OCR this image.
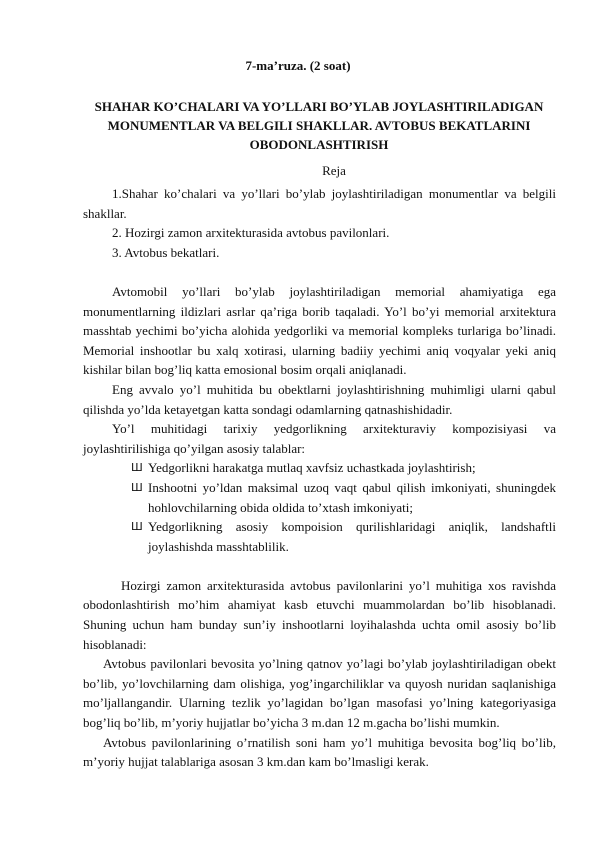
7-ma’ruza. (2 soat)
SHAHAR KO’CHALARI VA YO’LLARI BO’YLAB JOYLASHTIRILADIGAN MONUMENTLAR VA BELGILI SHAKLLAR. AVTOBUS BEKATLARINI OBODONLASHTIRISH
Reja

1.Shahar ko’chalari va yo’llari bo’ylab joylashtiriladigan monumentlar va belgili shakllar.

2. Hozirgi zamon arxitekturasida avtobus pavilonlari.

3. Avtobus bekatlari.

Avtomobil yo’llari bo’ylab joylashtiriladigan memorial ahamiyatiga ega monumentlarning ildizlari asrlar qa’riga borib taqaladi. Yo’l bo’yi memorial arxitektura masshtab yechimi bo’yicha alohida yedgorliki va memorial kompleks turlariga bo’linadi. Memorial inshootlar bu xalq xotirasi, ularning badiiy yechimi aniq voqyalar yeki aniq kishilar bilan bog’liq katta emosional bosim orqali aniqlanadi.

Eng avvalo yo’l muhitida bu obektlarni joylashtirishning muhimligi ularni qabul qilishda yo’lda ketayetgan katta sondagi odamlarning qatnashishidadir.

Yo’l muhitidagi tarixiy yedgorlikning arxitekturaviy kompozisiyasi va joylashtirilishiga qo’yilgan asosiy talablar:

Ш Yedgorlikni harakatga mutlaq xavfsiz uchastkada joylashtirish;
Ш Inshootni yo’ldan maksimal uzoq vaqt qabul qilish imkoniyati, shuningdek hohlovchilarning obida oldida to’xtash imkoniyati;
Ш Yedgorlikning asosiy kompoision qurilishlaridagi aniqlik, landshaftli joylashishda masshtablilik.

Hozirgi zamon arxitekturasida avtobus pavilonlarini yo’l muhitiga xos ravishda obodonlashtirish mo’him ahamiyat kasb etuvchi muammolardan bo’lib hisoblanadi. Shuning uchun ham bunday sun’iy inshootlarni loyihalashda uchta omil asosiy bo’lib hisoblanadi:

Avtobus pavilonlari bevosita yo’lning qatnov yo’lagi bo’ylab joylashtiriladigan obekt bo’lib, yo’lovchilarning dam olishiga, yog’ingarchiliklar va quyosh nuridan saqlanishiga mo’ljallangandir. Ularning tezlik yo’lagidan bo’lgan masofasi yo’lning kategoriyasiga bog’liq bo’lib, m’yoriy hujjatlar bo’yicha 3 m.dan 12 m.gacha bo’lishi mumkin.

Avtobus pavilonlarining o’rnatilish soni ham yo’l muhitiga bevosita bog’liq bo’lib, m’yoriy hujjat talablariga asosan 3 km.dan kam bo’lmasligi kerak.
